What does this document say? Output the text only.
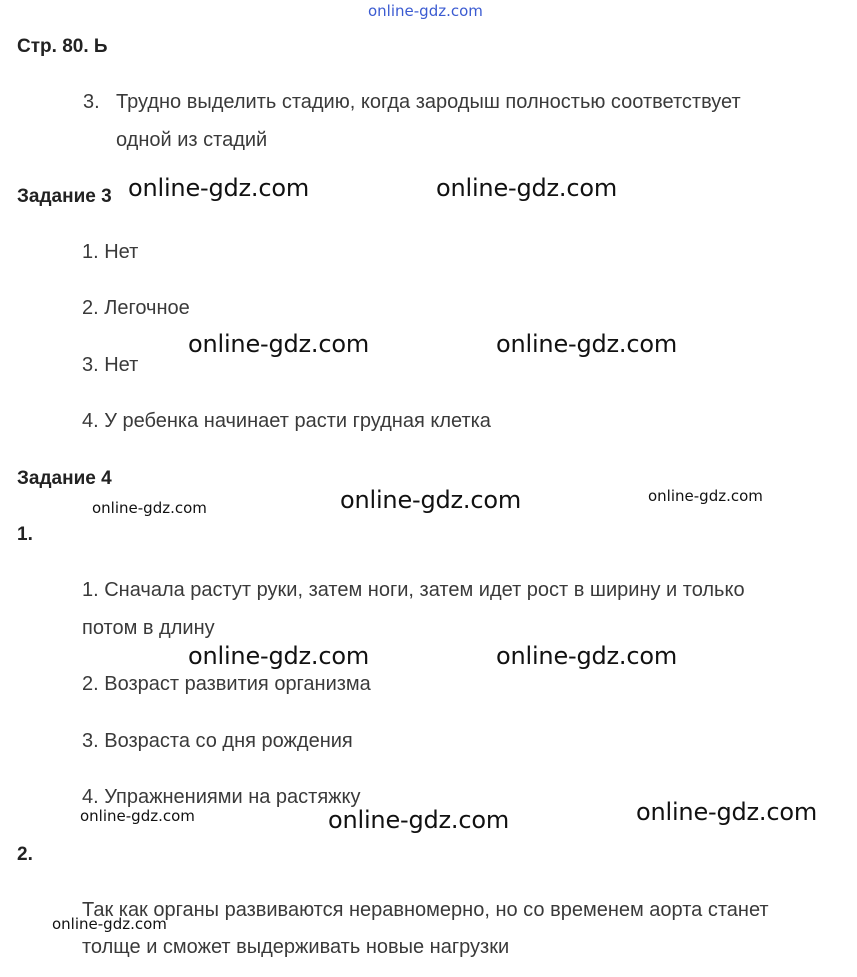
online-gdz.com
Стр. 80. Ь
3. Трудно выделить стадию, когда зародыш полностью соответствует
одной из стадий
Задание 3
1. Нет
2. Легочное
3. Нет
4. У ребенка начинает расти грудная клетка
Задание 4
1.
1. Сначала растут руки, затем ноги, затем идет рост в ширину и только
потом в длину
2. Возраст развития организма
3. Возраста со дня рождения
4. Упражнениями на растяжку
2.
Так как органы развиваются неравномерно, но со временем аорта станет
толще и сможет выдерживать новые нагрузки
online-gdz.com	online-gdz.com
online-gdz.com	online-gdz.com
online-gdz.com
online-gdz.com
online-gdz.com
online-gdz.com	online-gdz.com
online-gdz.com
online-gdz.com
online-gdz.com
online-gdz.com
